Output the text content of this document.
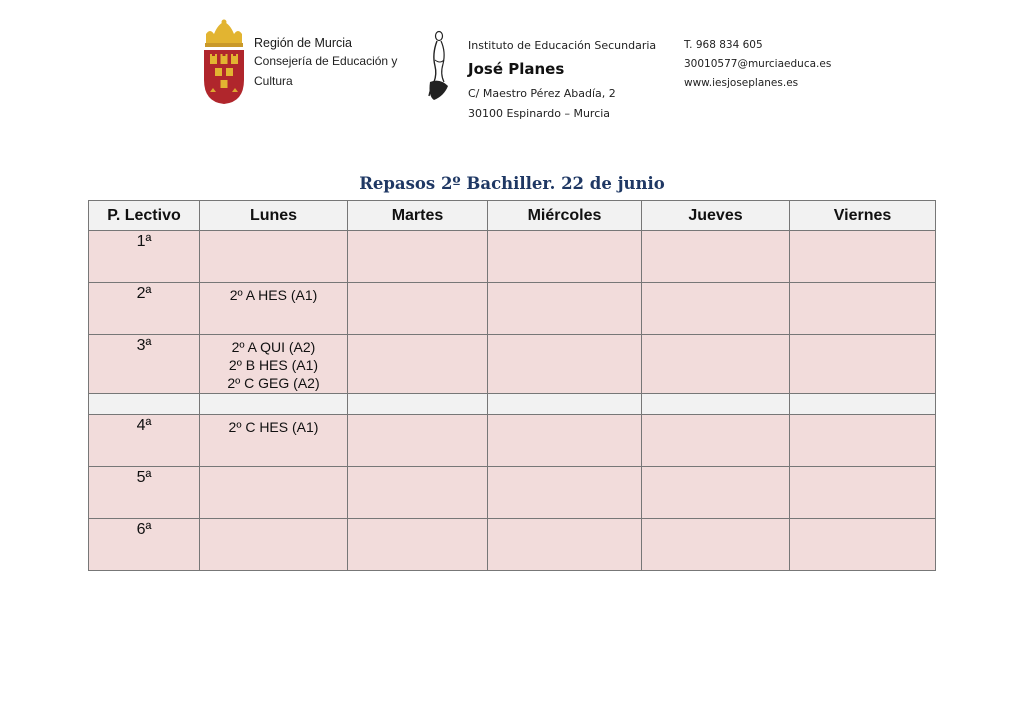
Región de Murcia
Consejería de Educación y
Cultura
Instituto de Educación Secundaria
José Planes
C/ Maestro Pérez Abadía, 2
30100 Espinardo – Murcia
T. 968 834 605
30010577@murciaeduca.es
www.iesjoseplanes.es
Repasos 2º Bachiller. 22 de junio
P. Lectivo	Lunes	Martes	Miércoles	Jueves	Viernes
1ª					
2ª	2º A HES (A1)				

3ª	2º A QUI (A2)
2º B HES (A1)
2º C GEG (A2)				

4ª	2º C HES (A1)				

5ª					
6ª					
